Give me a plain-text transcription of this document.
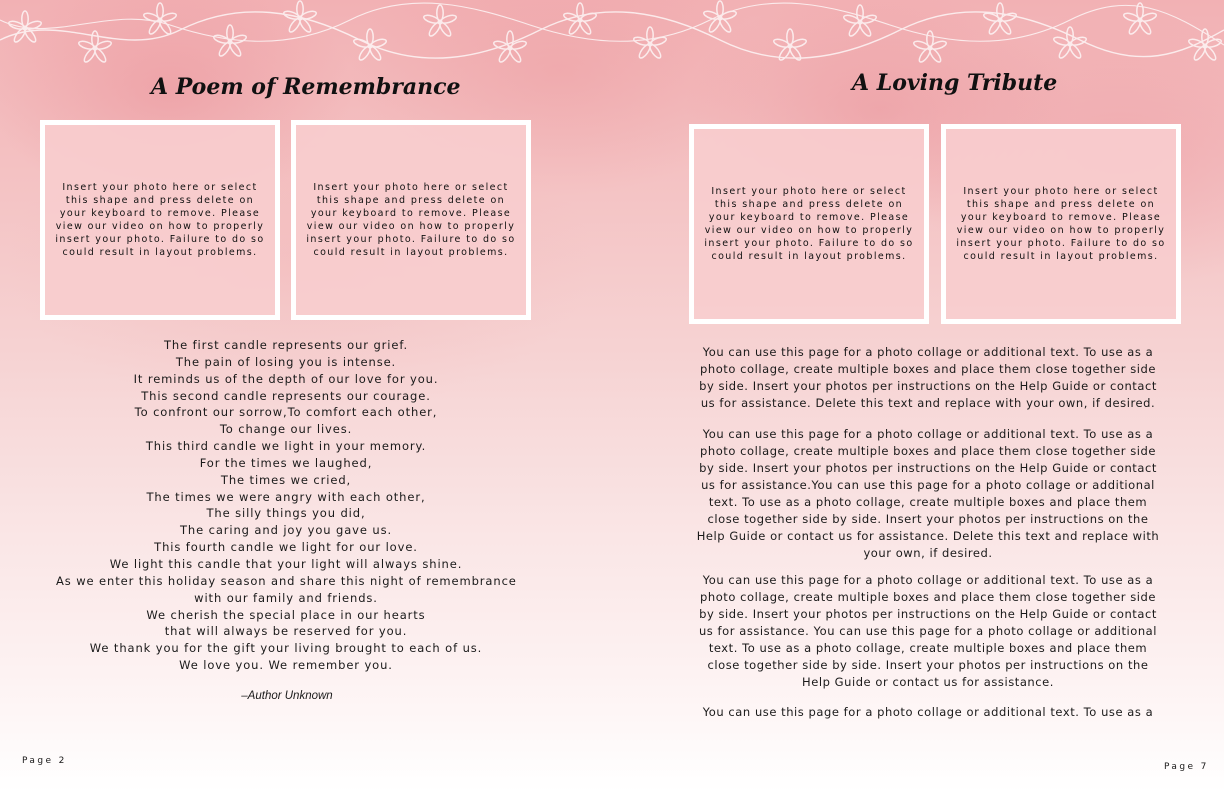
A Poem of Remembrance
Insert your photo here or select this shape and press delete on your keyboard to remove. Please view our video on how to properly insert your photo. Failure to do so could result in layout problems.
Insert your photo here or select this shape and press delete on your keyboard to remove. Please view our video on how to properly insert your photo. Failure to do so could result in layout problems.
The first candle represents our grief.
The pain of losing you is intense.
It reminds us of the depth of our love for you.
This second candle represents our courage.
To confront our sorrow,To comfort each other,
To change our lives.
This third candle we light in your memory.
For the times we laughed,
The times we cried,
The times we were angry with each other,
The silly things you did,
The caring and joy you gave us.
This fourth candle we light for our love.
We light this candle that your light will always shine.
As we enter this holiday season and share this night of remembrance
with our family and friends.
We cherish the special place in our hearts
that will always be reserved for you.
We thank you for the gift your living brought to each of us.
We love you. We remember you.
–Author Unknown
Page 2
A Loving Tribute
Insert your photo here or select this shape and press delete on your keyboard to remove. Please view our video on how to properly insert your photo. Failure to do so could result in layout problems.
Insert your photo here or select this shape and press delete on your keyboard to remove. Please view our video on how to properly insert your photo. Failure to do so could result in layout problems.

You can use this page for a photo collage or additional text. To use as a photo collage, create multiple boxes and place them close together side by side. Insert your photos per instructions on the Help Guide or contact us for assistance. Delete this text and replace with your own, if desired.

You can use this page for a photo collage or additional text. To use as a photo collage, create multiple boxes and place them close together side by side. Insert your photos per instructions on the Help Guide or contact us for assistance.You can use this page for a photo collage or additional text. To use as a photo collage, create multiple boxes and place them close together side by side. Insert your photos per instructions on the Help Guide or contact us for assistance. Delete this text and replace with your own, if desired.

You can use this page for a photo collage or additional text. To use as a photo collage, create multiple boxes and place them close together side by side. Insert your photos per instructions on the Help Guide or contact us for assistance. You can use this page for a photo collage or additional text. To use as a photo collage, create multiple boxes and place them close together side by side. Insert your photos per instructions on the Help Guide or contact us for assistance.

You can use this page for a photo collage or additional text. To use as a

Page 7
